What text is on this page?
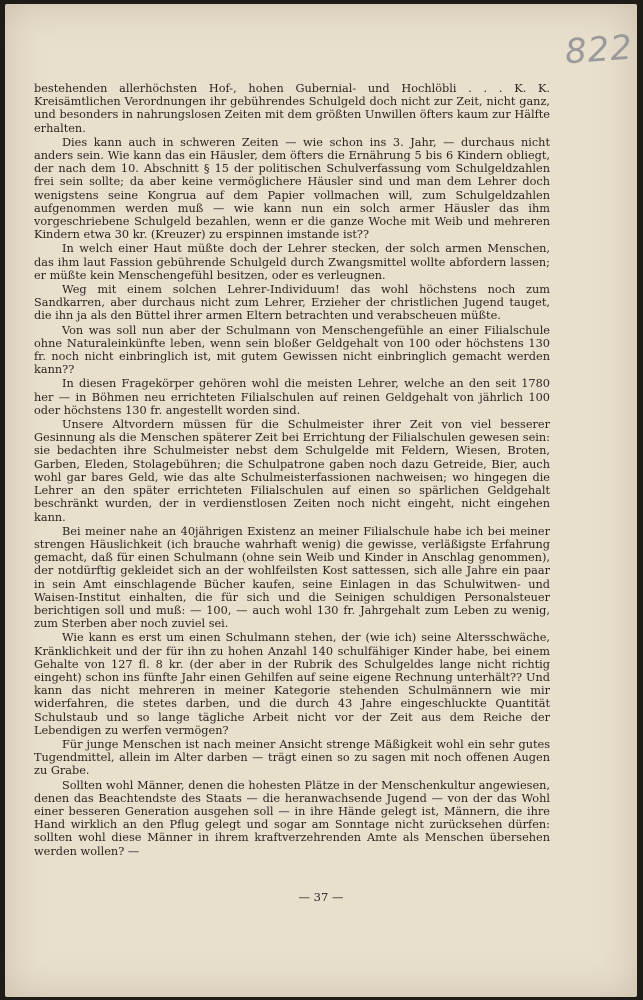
822

bestehenden allerhöchsten Hof-, hohen Gubernial- und Hochlöbli . . . K. K. Kreisämtlichen Verordnungen ihr gebührendes Schulgeld doch nicht zur Zeit, nicht ganz, und besonders in nahrungslosen Zeiten mit dem größten Unwillen öfters kaum zur Hälfte erhalten.

Dies kann auch in schweren Zeiten — wie schon ins 3. Jahr, — durchaus nicht anders sein. Wie kann das ein Häusler, dem öfters die Ernährung 5 bis 6 Kindern obliegt, der nach dem 10. Abschnitt § 15 der politischen Schulverfassung vom Schulgeldzahlen frei sein sollte; da aber keine vermöglichere Häusler sind und man dem Lehrer doch wenigstens seine Kongrua auf dem Papier vollmachen will, zum Schulgeldzahlen aufgenommen werden muß — wie kann nun ein solch armer Häusler das ihm vorgeschriebene Schulgeld bezahlen, wenn er die ganze Woche mit Weib und mehreren Kindern etwa 30 kr. (Kreuzer) zu erspinnen imstande ist??

In welch einer Haut müßte doch der Lehrer stecken, der solch armen Menschen, das ihm laut Fassion gebührende Schulgeld durch Zwangsmittel wollte abfordern lassen; er müßte kein Menschengefühl besitzen, oder es verleugnen.

Weg mit einem solchen Lehrer-Individuum! das wohl höchstens noch zum Sandkarren, aber durchaus nicht zum Lehrer, Erzieher der christlichen Jugend tauget, die ihn ja als den Büttel ihrer armen Eltern betrachten und verabscheuen müßte.

Von was soll nun aber der Schulmann von Menschengefühle an einer Filialschule ohne Naturaleinkünfte leben, wenn sein bloßer Geldgehalt von 100 oder höchstens 130 fr. noch nicht einbringlich ist, mit gutem Gewissen nicht einbringlich gemacht werden kann??

In diesen Fragekörper gehören wohl die meisten Lehrer, welche an den seit 1780 her — in Böhmen neu errichteten Filialschulen auf reinen Geldgehalt von jährlich 100 oder höchstens 130 fr. angestellt worden sind.

Unsere Altvordern müssen für die Schulmeister ihrer Zeit von viel besserer Gesinnung als die Menschen späterer Zeit bei Errichtung der Filialschulen gewesen sein: sie bedachten ihre Schulmeister nebst dem Schulgelde mit Feldern, Wiesen, Broten, Garben, Eleden, Stolagebühren; die Schulpatrone gaben noch dazu Getreide, Bier, auch wohl gar bares Geld, wie das alte Schulmeisterfassionen nachweisen; wo hingegen die Lehrer an den später errichteten Filialschulen auf einen so spärlichen Geldgehalt beschränkt wurden, der in verdienstlosen Zeiten noch nicht eingeht, nicht eingehen kann.

Bei meiner nahe an 40jährigen Existenz an meiner Filialschule habe ich bei meiner strengen Häuslichkeit (ich brauche wahrhaft wenig) die gewisse, verläßigste Erfahrung gemacht, daß für einen Schulmann (ohne sein Weib und Kinder in Anschlag genommen), der notdürftig gekleidet sich an der wohlfeilsten Kost sattessen, sich alle Jahre ein paar in sein Amt einschlagende Bücher kaufen, seine Einlagen in das Schulwitwen- und Waisen-Institut einhalten, die für sich und die Seinigen schuldigen Personalsteuer berichtigen soll und muß: — 100, — auch wohl 130 fr. Jahrgehalt zum Leben zu wenig, zum Sterben aber noch zuviel sei.

Wie kann es erst um einen Schulmann stehen, der (wie ich) seine Altersschwäche, Kränklichkeit und der für ihn zu hohen Anzahl 140 schulfähiger Kinder habe, bei einem Gehalte von 127 fl. 8 kr. (der aber in der Rubrik des Schulgeldes lange nicht richtig eingeht) schon ins fünfte Jahr einen Gehilfen auf seine eigene Rechnung unterhält?? Und kann das nicht mehreren in meiner Kategorie stehenden Schulmännern wie mir widerfahren, die stetes darben, und die durch 43 Jahre eingeschluckte Quantität Schulstaub und so lange tägliche Arbeit nicht vor der Zeit aus dem Reiche der Lebendigen zu werfen vermögen?

Für junge Menschen ist nach meiner Ansicht strenge Mäßigkeit wohl ein sehr gutes Tugendmittel, allein im Alter darben — trägt einen so zu sagen mit noch offenen Augen zu Grabe.

Sollten wohl Männer, denen die hohesten Plätze in der Menschenkultur angewiesen, denen das Beachtendste des Staats — die heranwachsende Jugend — von der das Wohl einer besseren Generation ausgehen soll — in ihre Hände gelegt ist, Männern, die ihre Hand wirklich an den Pflug gelegt und sogar am Sonntage nicht zurücksehen dürfen: sollten wohl diese Männer in ihrem kraftverzehrenden Amte als Menschen übersehen werden wollen? —

— 37 —
